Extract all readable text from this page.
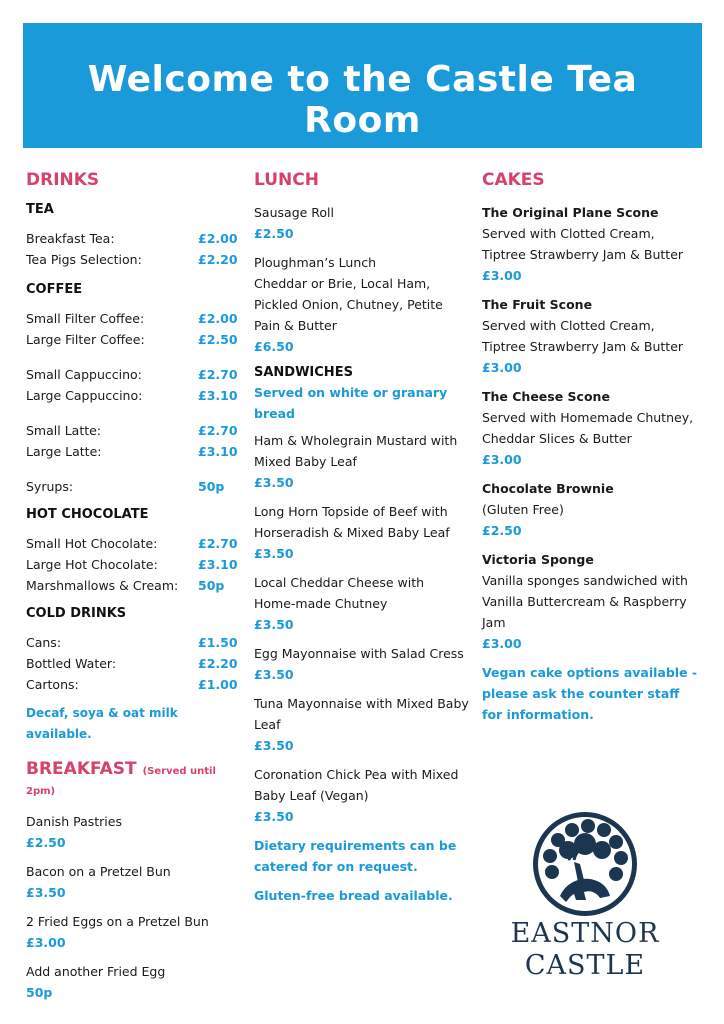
Welcome to the Castle Tea Room
DRINKS
TEA
Breakfast Tea:	£2.00
Tea Pigs Selection:	£2.20
COFFEE
Small Filter Coffee:	£2.00
Large Filter Coffee:	£2.50
Small Cappuccino:	£2.70
Large Cappuccino:	£3.10
Small Latte:	£2.70
Large Latte:	£3.10
Syrups:	50p
HOT CHOCOLATE
Small Hot Chocolate:	£2.70
Large Hot Chocolate:	£3.10
Marshmallows & Cream: 50p
COLD DRINKS
Cans:	£1.50
Bottled Water:	£2.20
Cartons:	£1.00
Decaf, soya & oat milk available.
BREAKFAST (Served until 2pm)
Danish Pastries
£2.50
Bacon on a Pretzel Bun
£3.50
2 Fried Eggs on a Pretzel Bun
£3.00
Add another Fried Egg
50p
LUNCH
Sausage Roll
£2.50
Ploughman’s Lunch
Cheddar or Brie, Local Ham, Pickled Onion, Chutney, Petite Pain & Butter
£6.50
SANDWICHES
Served on white or granary bread
Ham & Wholegrain Mustard with Mixed Baby Leaf
£3.50
Long Horn Topside of Beef with Horseradish & Mixed Baby Leaf
£3.50
Local Cheddar Cheese with Home-made Chutney
£3.50
Egg Mayonnaise with Salad Cress
£3.50
Tuna Mayonnaise with Mixed Baby Leaf
£3.50
Coronation Chick Pea with Mixed Baby Leaf (Vegan)
£3.50
Dietary requirements can be catered for on request.
Gluten-free bread available.
CAKES
The Original Plane Scone
Served with Clotted Cream, Tiptree Strawberry Jam & Butter
£3.00
The Fruit Scone
Served with Clotted Cream, Tiptree Strawberry Jam & Butter
£3.00
The Cheese Scone
Served with Homemade Chutney, Cheddar Slices & Butter
£3.00
Chocolate Brownie
(Gluten Free)
£2.50
Victoria Sponge
Vanilla sponges sandwiched with Vanilla Buttercream & Raspberry Jam
£3.00
Vegan cake options available - please ask the counter staff for information.
EASTNOR
CASTLE
